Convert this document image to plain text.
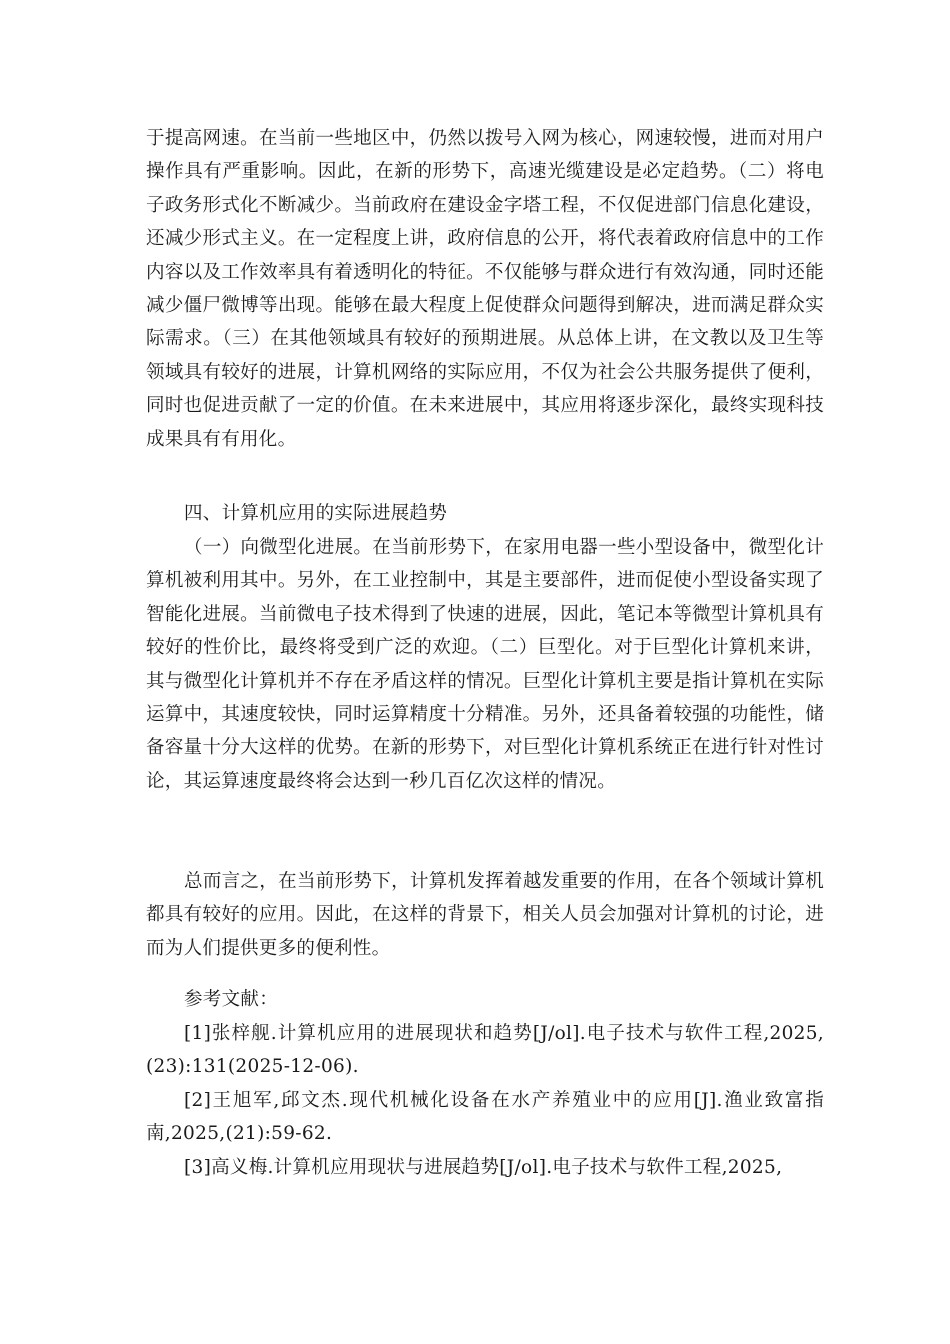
于提高网速。在当前一些地区中，仍然以拨号入网为核心，网速较慢，进而对用户操作具有严重影响。因此，在新的形势下，高速光缆建设是必定趋势。（二）将电子政务形式化不断减少。当前政府在建设金字塔工程，不仅促进部门信息化建设，还减少形式主义。在一定程度上讲，政府信息的公开，将代表着政府信息中的工作内容以及工作效率具有着透明化的特征。不仅能够与群众进行有效沟通，同时还能减少僵尸微博等出现。能够在最大程度上促使群众问题得到解决，进而满足群众实际需求。（三）在其他领域具有较好的预期进展。从总体上讲，在文教以及卫生等领域具有较好的进展，计算机网络的实际应用，不仅为社会公共服务提供了便利，同时也促进贡献了一定的价值。在未来进展中，其应用将逐步深化，最终实现科技成果具有有用化。

四、计算机应用的实际进展趋势

（一）向微型化进展。在当前形势下，在家用电器一些小型设备中，微型化计算机被利用其中。另外，在工业控制中，其是主要部件，进而促使小型设备实现了智能化进展。当前微电子技术得到了快速的进展，因此，笔记本等微型计算机具有较好的性价比，最终将受到广泛的欢迎。（二）巨型化。对于巨型化计算机来讲，其与微型化计算机并不存在矛盾这样的情况。巨型化计算机主要是指计算机在实际运算中，其速度较快，同时运算精度十分精准。另外，还具备着较强的功能性，储备容量十分大这样的优势。在新的形势下，对巨型化计算机系统正在进行针对性讨论，其运算速度最终将会达到一秒几百亿次这样的情况。

总而言之，在当前形势下，计算机发挥着越发重要的作用，在各个领域计算机都具有较好的应用。因此，在这样的背景下，相关人员会加强对计算机的讨论，进而为人们提供更多的便利性。

参考文献：

[1]张梓舰.计算机应用的进展现状和趋势[J/ol].电子技术与软件工程,2025,(23):131(2025-12-06).

[2]王旭军,邱文杰.现代机械化设备在水产养殖业中的应用[J].渔业致富指南,2025,(21):59-62.

[3]高义梅.计算机应用现状与进展趋势[J/ol].电子技术与软件工程,2025,
